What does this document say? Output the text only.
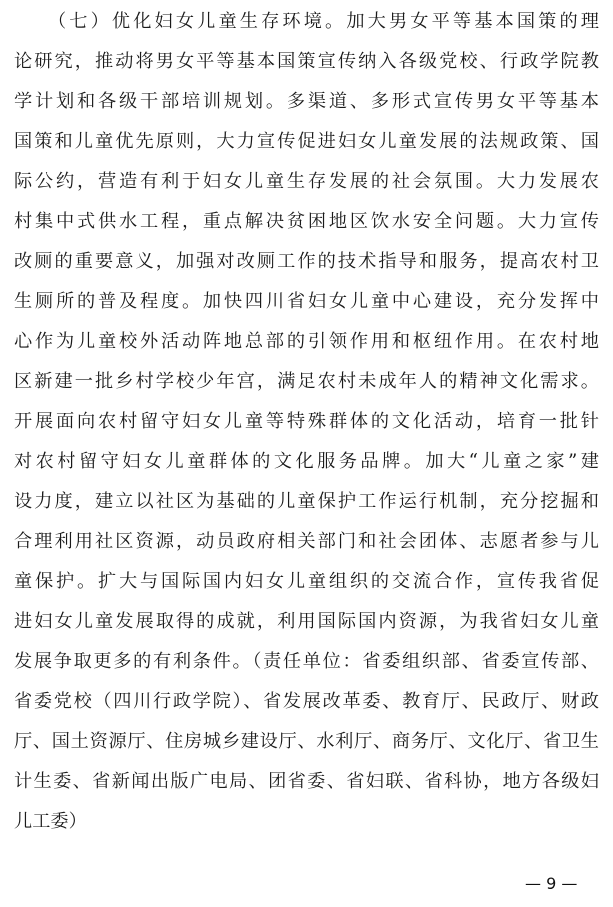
（七）优化妇女儿童生存环境。加大男女平等基本国策的理
论研究，推动将男女平等基本国策宣传纳入各级党校、行政学院教
学计划和各级干部培训规划。多渠道、多形式宣传男女平等基本
国策和儿童优先原则，大力宣传促进妇女儿童发展的法规政策、国
际公约，营造有利于妇女儿童生存发展的社会氛围。大力发展农
村集中式供水工程，重点解决贫困地区饮水安全问题。大力宣传
改厕的重要意义，加强对改厕工作的技术指导和服务，提高农村卫
生厕所的普及程度。加快四川省妇女儿童中心建设，充分发挥中
心作为儿童校外活动阵地总部的引领作用和枢纽作用。在农村地
区新建一批乡村学校少年宫，满足农村未成年人的精神文化需求。
开展面向农村留守妇女儿童等特殊群体的文化活动，培育一批针
对农村留守妇女儿童群体的文化服务品牌。加大“儿童之家”建
设力度，建立以社区为基础的儿童保护工作运行机制，充分挖掘和
合理利用社区资源，动员政府相关部门和社会团体、志愿者参与儿
童保护。扩大与国际国内妇女儿童组织的交流合作，宣传我省促
进妇女儿童发展取得的成就，利用国际国内资源，为我省妇女儿童
发展争取更多的有利条件。（责任单位：省委组织部、省委宣传部、
省委党校（四川行政学院）、省发展改革委、教育厅、民政厅、财政
厅、国土资源厅、住房城乡建设厅、水利厅、商务厅、文化厅、省卫生
计生委、省新闻出版广电局、团省委、省妇联、省科协，地方各级妇
儿工委）
— 9 —
